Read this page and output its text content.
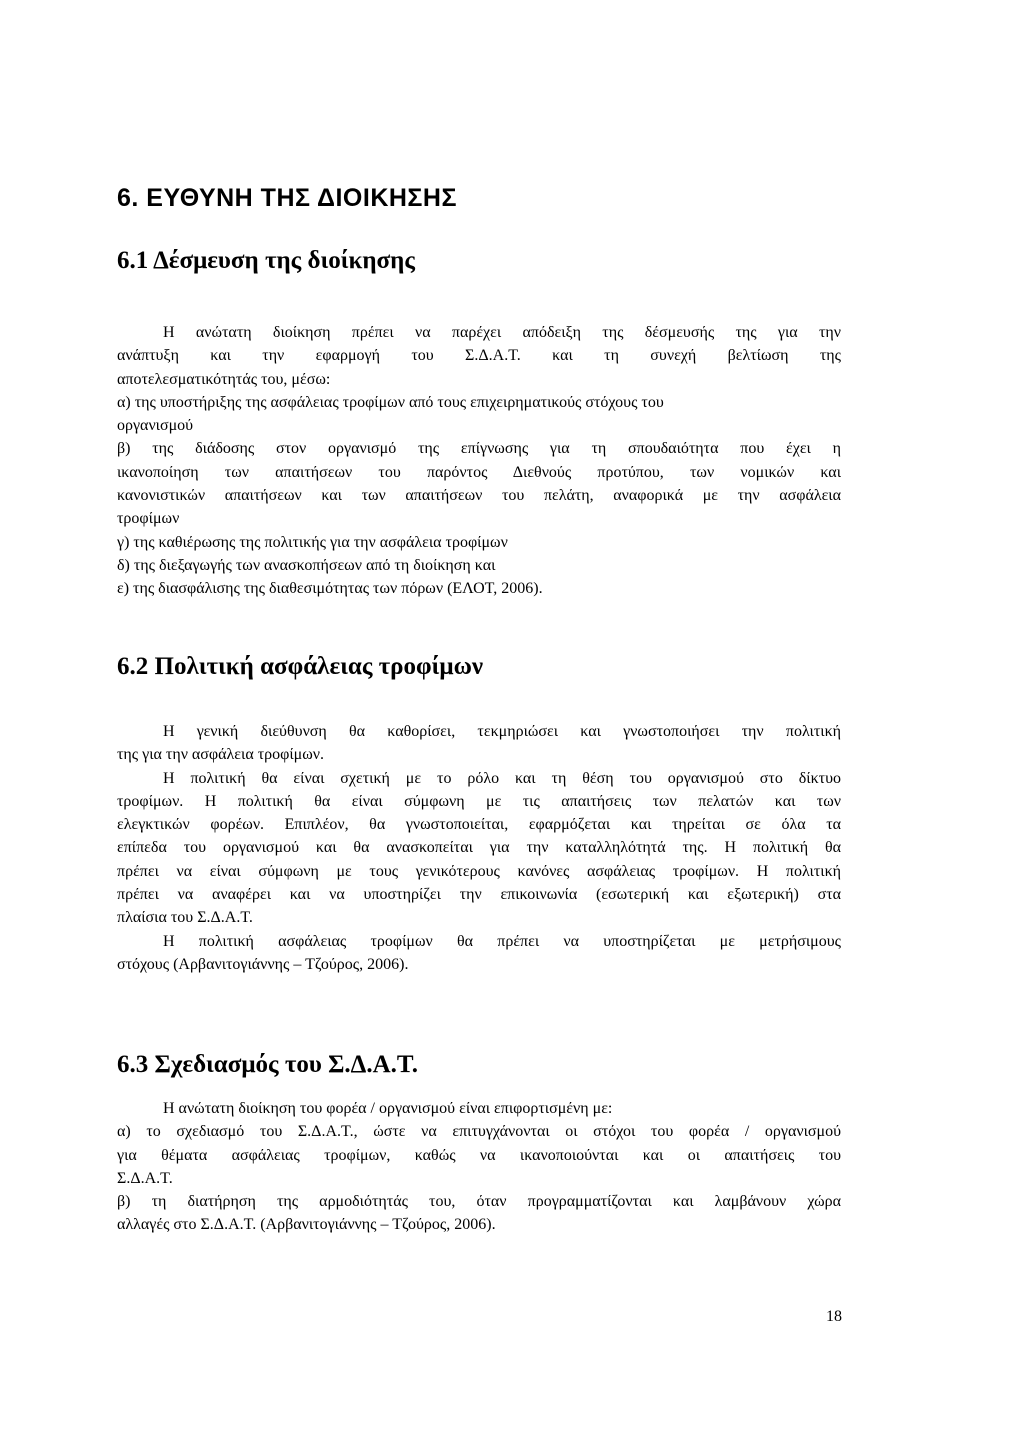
6. ΕΥΘΥΝΗ ΤΗΣ ΔΙΟΙΚΗΣΗΣ
6.1 Δέσμευση της διοίκησης
Η ανώτατη διοίκηση πρέπει να παρέχει απόδειξη της δέσμευσής της για την
ανάπτυξη και την εφαρμογή του Σ.Δ.Α.Τ. και τη συνεχή βελτίωση της
αποτελεσματικότητάς του, μέσω:
α) της υποστήριξης της ασφάλειας τροφίμων από τους επιχειρηματικούς στόχους του
οργανισμού
β) της διάδοσης στον οργανισμό της επίγνωσης για τη σπουδαιότητα που έχει η
ικανοποίηση των απαιτήσεων του παρόντος Διεθνούς προτύπου, των νομικών και
κανονιστικών απαιτήσεων και των απαιτήσεων του πελάτη, αναφορικά με την ασφάλεια
τροφίμων
γ) της καθιέρωσης της πολιτικής για την ασφάλεια τροφίμων
δ) της διεξαγωγής των ανασκοπήσεων από τη διοίκηση και
ε) της διασφάλισης της διαθεσιμότητας των πόρων (ΕΛΟΤ, 2006).
6.2 Πολιτική ασφάλειας τροφίμων
Η γενική διεύθυνση θα καθορίσει, τεκμηριώσει και γνωστοποιήσει την πολιτική
της για την ασφάλεια τροφίμων.
Η πολιτική θα είναι σχετική με το ρόλο και τη θέση του οργανισμού στο δίκτυο
τροφίμων. Η πολιτική θα είναι σύμφωνη με τις απαιτήσεις των πελατών και των
ελεγκτικών φορέων. Επιπλέον, θα γνωστοποιείται, εφαρμόζεται και τηρείται σε όλα τα
επίπεδα του οργανισμού και θα ανασκοπείται για την καταλληλότητά της. Η πολιτική θα
πρέπει να είναι σύμφωνη με τους γενικότερους κανόνες ασφάλειας τροφίμων. Η πολιτική
πρέπει να αναφέρει και να υποστηρίζει την επικοινωνία (εσωτερική και εξωτερική) στα
πλαίσια του Σ.Δ.Α.Τ.
Η πολιτική ασφάλειας τροφίμων θα πρέπει να υποστηρίζεται με μετρήσιμους
στόχους (Αρβανιτογιάννης – Τζούρος, 2006).
6.3 Σχεδιασμός του Σ.Δ.Α.Τ.
Η ανώτατη διοίκηση του φορέα / οργανισμού είναι επιφορτισμένη με:
α) το σχεδιασμό του Σ.Δ.Α.Τ., ώστε να επιτυγχάνονται οι στόχοι του φορέα / οργανισμού
για θέματα ασφάλειας τροφίμων, καθώς να ικανοποιούνται και οι απαιτήσεις του
Σ.Δ.Α.Τ.
β) τη διατήρηση της αρμοδιότητάς του, όταν προγραμματίζονται και λαμβάνουν χώρα
αλλαγές στο Σ.Δ.Α.Τ. (Αρβανιτογιάννης – Τζούρος, 2006).
18
